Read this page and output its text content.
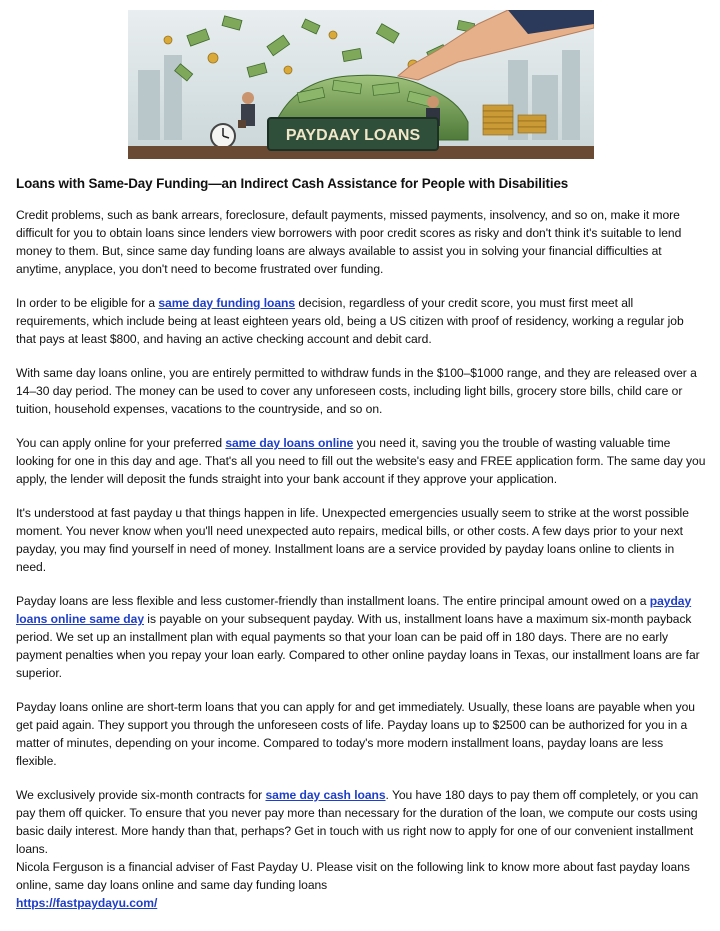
PAYDAAY LOANS
Loans with Same-Day Funding—an Indirect Cash Assistance for People with Disabilities

Credit problems, such as bank arrears, foreclosure, default payments, missed payments, insolvency, and so on, make it more difficult for you to obtain loans since lenders view borrowers with poor credit scores as risky and don't think it's suitable to lend money to them. But, since same day funding loans are always available to assist you in solving your financial difficulties at anytime, anyplace, you don't need to become frustrated over funding.

In order to be eligible for a same day funding loans decision, regardless of your credit score, you must first meet all requirements, which include being at least eighteen years old, being a US citizen with proof of residency, working a regular job that pays at least $800, and having an active checking account and debit card.

With same day loans online, you are entirely permitted to withdraw funds in the $100–$1000 range, and they are released over a 14–30 day period. The money can be used to cover any unforeseen costs, including light bills, grocery store bills, child care or tuition, household expenses, vacations to the countryside, and so on.

You can apply online for your preferred same day loans online you need it, saving you the trouble of wasting valuable time looking for one in this day and age. That's all you need to fill out the website's easy and FREE application form. The same day you apply, the lender will deposit the funds straight into your bank account if they approve your application.

It's understood at fast payday u that things happen in life. Unexpected emergencies usually seem to strike at the worst possible moment. You never know when you'll need unexpected auto repairs, medical bills, or other costs. A few days prior to your next payday, you may find yourself in need of money. Installment loans are a service provided by payday loans online to clients in need.

Payday loans are less flexible and less customer-friendly than installment loans. The entire principal amount owed on a payday loans online same day is payable on your subsequent payday. With us, installment loans have a maximum six-month payback period. We set up an installment plan with equal payments so that your loan can be paid off in 180 days. There are no early payment penalties when you repay your loan early. Compared to other online payday loans in Texas, our installment loans are far superior.

Payday loans online are short-term loans that you can apply for and get immediately. Usually, these loans are payable when you get paid again. They support you through the unforeseen costs of life. Payday loans up to $2500 can be authorized for you in a matter of minutes, depending on your income. Compared to today's more modern installment loans, payday loans are less flexible.

We exclusively provide six-month contracts for same day cash loans. You have 180 days to pay them off completely, or you can pay them off quicker. To ensure that you never pay more than necessary for the duration of the loan, we compute our costs using basic daily interest. More handy than that, perhaps? Get in touch with us right now to apply for one of our convenient installment loans.

Nicola Ferguson is a financial adviser of Fast Payday U. Please visit on the following link to know more about fast payday loans online, same day loans online and same day funding loans

https://fastpaydayu.com/
